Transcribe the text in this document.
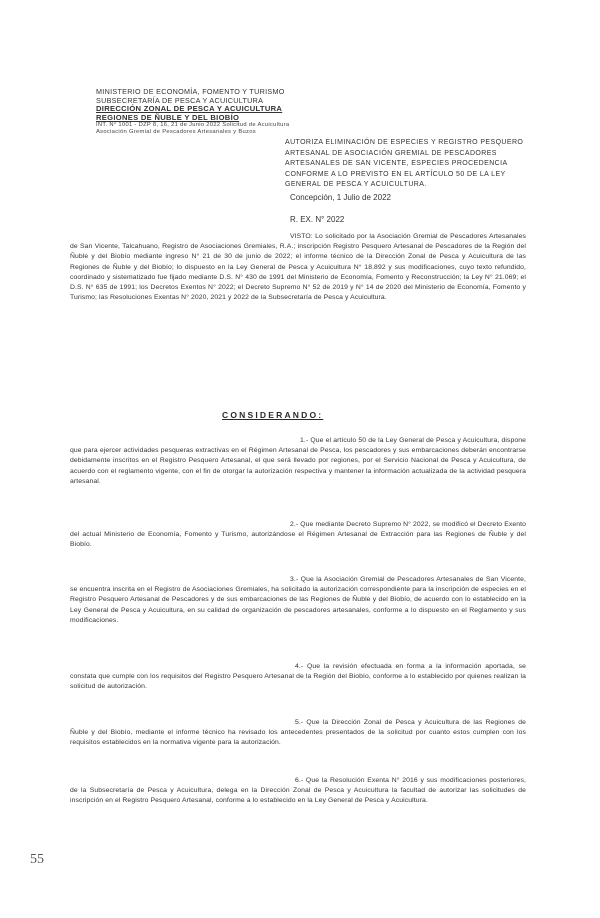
MINISTERIO DE ECONOMÍA, FOMENTO Y TURISMO
SUBSECRETARÍA DE PESCA Y ACUICULTURA
DIRECCIÓN ZONAL DE PESCA Y ACUICULTURA
REGIONES DE ÑUBLE Y DEL BIOBÍO
INT. N° 1001 - DZP 8, 16, 21 de Junio 2022 Solicitud de Acuicultura
Asociación Gremial de Pescadores Artesanales y Buzos
AUTORIZA ELIMINACIÓN DE ESPECIES Y REGISTRO PESQUERO ARTESANAL DE ASOCIACIÓN GREMIAL DE PESCADORES ARTESANALES DE SAN VICENTE, ESPECIES PROCEDENCIA CONFORME A LO PREVISTO EN EL ARTÍCULO 50 DE LA LEY GENERAL DE PESCA Y ACUICULTURA.
Concepción, 1 Julio de 2022
R. EX. N° 2022
VISTO: Lo solicitado por la Asociación Gremial de Pescadores Artesanales de San Vicente, Talcahuano, Registro de Asociaciones Gremiales, R.A.; inscripción Registro Pesquero Artesanal de Pescadores de la Región del Ñuble y del Biobío mediante ingreso N° 21 de 30 de junio de 2022; el informe técnico de la Dirección Zonal de Pesca y Acuicultura de las Regiones de Ñuble y del Biobío; lo dispuesto en la Ley General de Pesca y Acuicultura N° 18.892 y sus modificaciones, cuyo texto refundido, coordinado y sistematizado fue fijado mediante D.S. N° 430 de 1991 del Ministerio de Economía, Fomento y Reconstrucción; la Ley N° 21.069; el D.S. N° 635 de 1991; los Decretos Exentos N° 2022; el Decreto Supremo N° 52 de 2019 y N° 14 de 2020 del Ministerio de Economía, Fomento y Turismo; las Resoluciones Exentas N° 2020, 2021 y 2022 de la Subsecretaría de Pesca y Acuicultura.
CONSIDERANDO:
1.- Que el artículo 50 de la Ley General de Pesca y Acuicultura, dispone que para ejercer actividades pesqueras extractivas en el Régimen Artesanal de Pesca, los pescadores y sus embarcaciones deberán encontrarse debidamente inscritos en el Registro Pesquero Artesanal, el que será llevado por regiones, por el Servicio Nacional de Pesca y Acuicultura, de acuerdo con el reglamento vigente, con el fin de otorgar la autorización respectiva y mantener la información actualizada de la actividad pesquera artesanal.
2.- Que mediante Decreto Supremo N° 2022, se modificó el Decreto Exento del actual Ministerio de Economía, Fomento y Turismo, autorizándose el Régimen Artesanal de Extracción para las Regiones de Ñuble y del Biobío.
3.- Que la Asociación Gremial de Pescadores Artesanales de San Vicente, se encuentra inscrita en el Registro de Asociaciones Gremiales, ha solicitado la autorización correspondiente para la inscripción de especies en el Registro Pesquero Artesanal de Pescadores y de sus embarcaciones de las Regiones de Ñuble y del Biobío, de acuerdo con lo establecido en la Ley General de Pesca y Acuicultura, en su calidad de organización de pescadores artesanales, conforme a lo dispuesto en el Reglamento y sus modificaciones.
4.- Que la revisión efectuada en forma a la información aportada, se constata que cumple con los requisitos del Registro Pesquero Artesanal de la Región del Biobío, conforme a lo establecido por quienes realizan la solicitud de autorización.
5.- Que la Dirección Zonal de Pesca y Acuicultura de las Regiones de Ñuble y del Biobío, mediante el informe técnico ha revisado los antecedentes presentados de la solicitud por cuanto estos cumplen con los requisitos establecidos en la normativa vigente para la autorización.
6.- Que la Resolución Exenta N° 2016 y sus modificaciones posteriores, de la Subsecretaría de Pesca y Acuicultura, delega en la Dirección Zonal de Pesca y Acuicultura la facultad de autorizar las solicitudes de inscripción en el Registro Pesquero Artesanal, conforme a lo establecido en la Ley General de Pesca y Acuicultura.
55
